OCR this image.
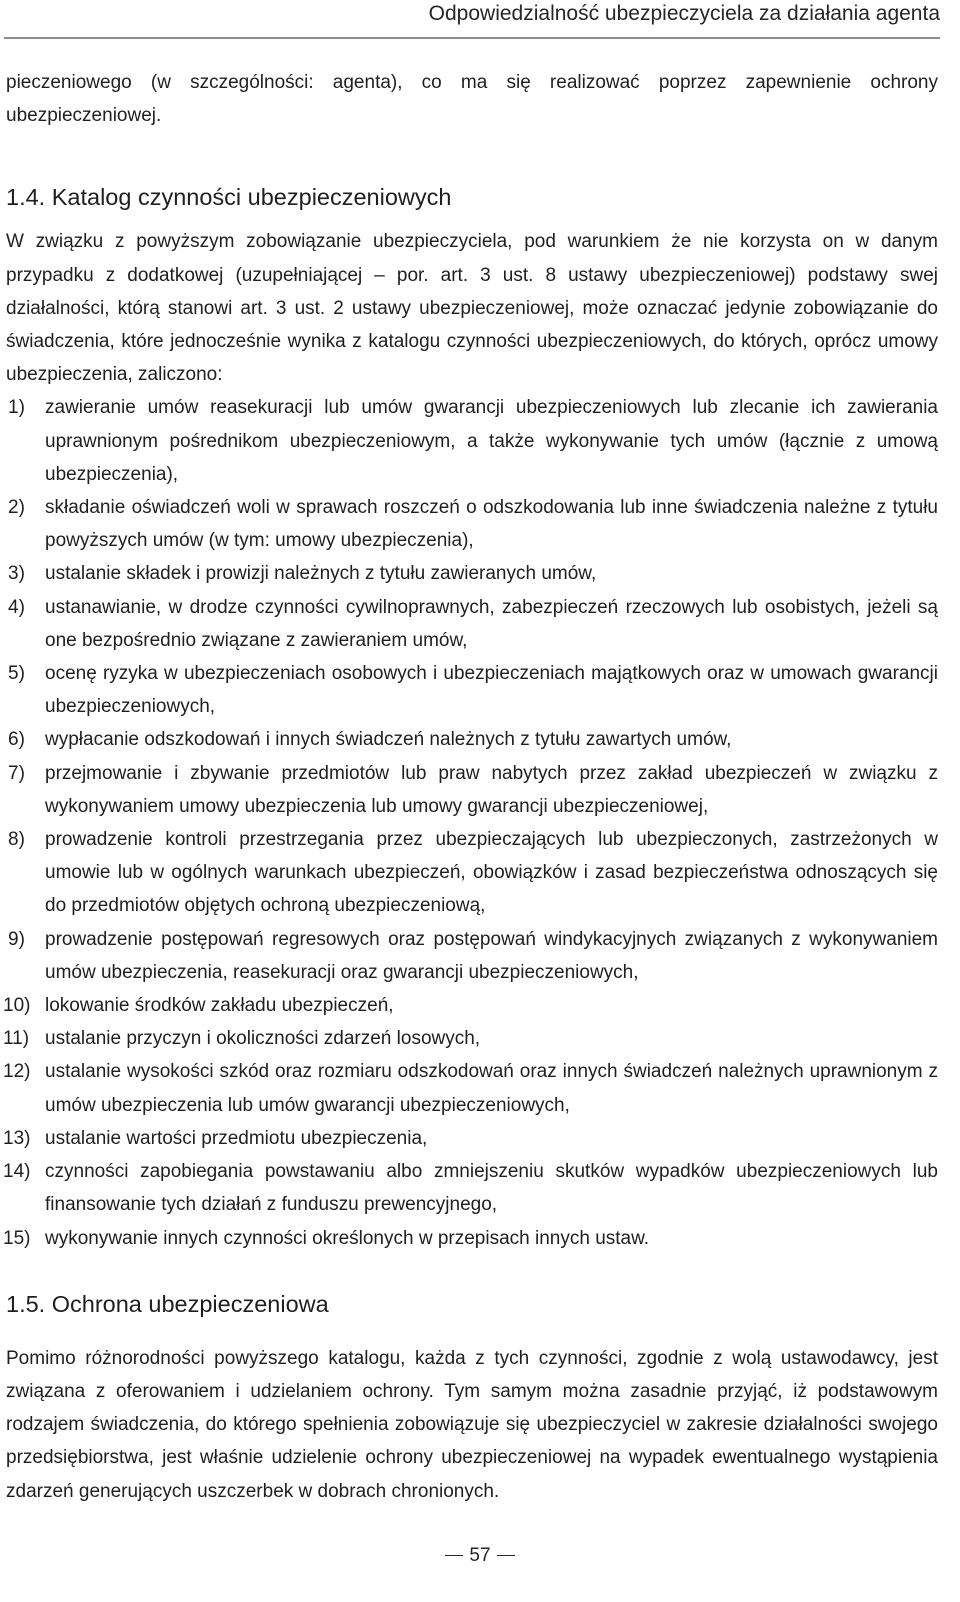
Odpowiedzialność ubezpieczyciela za działania agenta

pieczeniowego (w szczególności: agenta), co ma się realizować poprzez zapewnienie ochrony ubezpieczeniowej.

1.4. Katalog czynności ubezpieczeniowych

W związku z powyższym zobowiązanie ubezpieczyciela, pod warunkiem że nie korzysta on w danym przypadku z dodatkowej (uzupełniającej – por. art. 3 ust. 8 ustawy ubezpieczeniowej) podstawy swej działalności, którą stanowi art. 3 ust. 2 ustawy ubezpieczeniowej, może oznaczać jedynie zobowiązanie do świadczenia, które jednocześnie wynika z katalogu czynności ubezpieczeniowych, do których, oprócz umowy ubezpieczenia, zaliczono:

1)	zawieranie umów reasekuracji lub umów gwarancji ubezpieczeniowych lub zlecanie ich zawierania uprawnionym pośrednikom ubezpieczeniowym, a także wykonywanie tych umów (łącznie z umową ubezpieczenia),
2)	składanie oświadczeń woli w sprawach roszczeń o odszkodowania lub inne świadczenia należne z tytułu powyższych umów (w tym: umowy ubezpieczenia),
3)	ustalanie składek i prowizji należnych z tytułu zawieranych umów,
4)	ustanawianie, w drodze czynności cywilnoprawnych, zabezpieczeń rzeczowych lub osobistych, jeżeli są one bezpośrednio związane z zawieraniem umów,
5)	ocenę ryzyka w ubezpieczeniach osobowych i ubezpieczeniach majątkowych oraz w umowach gwarancji ubezpieczeniowych,
6)	wypłacanie odszkodowań i innych świadczeń należnych z tytułu zawartych umów,
7)	przejmowanie i zbywanie przedmiotów lub praw nabytych przez zakład ubezpieczeń w związku z wykonywaniem umowy ubezpieczenia lub umowy gwarancji ubezpieczeniowej,
8)	prowadzenie kontroli przestrzegania przez ubezpieczających lub ubezpieczonych, zastrzeżonych w umowie lub w ogólnych warunkach ubezpieczeń, obowiązków i zasad bezpieczeństwa odnoszących się do przedmiotów objętych ochroną ubezpieczeniową,
9)	prowadzenie postępowań regresowych oraz postępowań windykacyjnych związanych z wykonywaniem umów ubezpieczenia, reasekuracji oraz gwarancji ubezpieczeniowych,
10) lokowanie środków zakładu ubezpieczeń,
11) ustalanie przyczyn i okoliczności zdarzeń losowych,
12) ustalanie wysokości szkód oraz rozmiaru odszkodowań oraz innych świadczeń należnych uprawnionym z umów ubezpieczenia lub umów gwarancji ubezpieczeniowych,
13) ustalanie wartości przedmiotu ubezpieczenia,
14) czynności zapobiegania powstawaniu albo zmniejszeniu skutków wypadków ubezpieczeniowych lub finansowanie tych działań z funduszu prewencyjnego,
15) wykonywanie innych czynności określonych w przepisach innych ustaw.
1.5. Ochrona ubezpieczeniowa

Pomimo różnorodności powyższego katalogu, każda z tych czynności, zgodnie z wolą ustawodawcy, jest związana z oferowaniem i udzielaniem ochrony. Tym samym można zasadnie przyjąć, iż podstawowym rodzajem świadczenia, do którego spełnienia zobowiązuje się ubezpieczyciel w zakresie działalności swojego przedsiębiorstwa, jest właśnie udzielenie ochrony ubezpieczeniowej na wypadek ewentualnego wystąpienia zdarzeń generujących uszczerbek w dobrach chronionych.

57
